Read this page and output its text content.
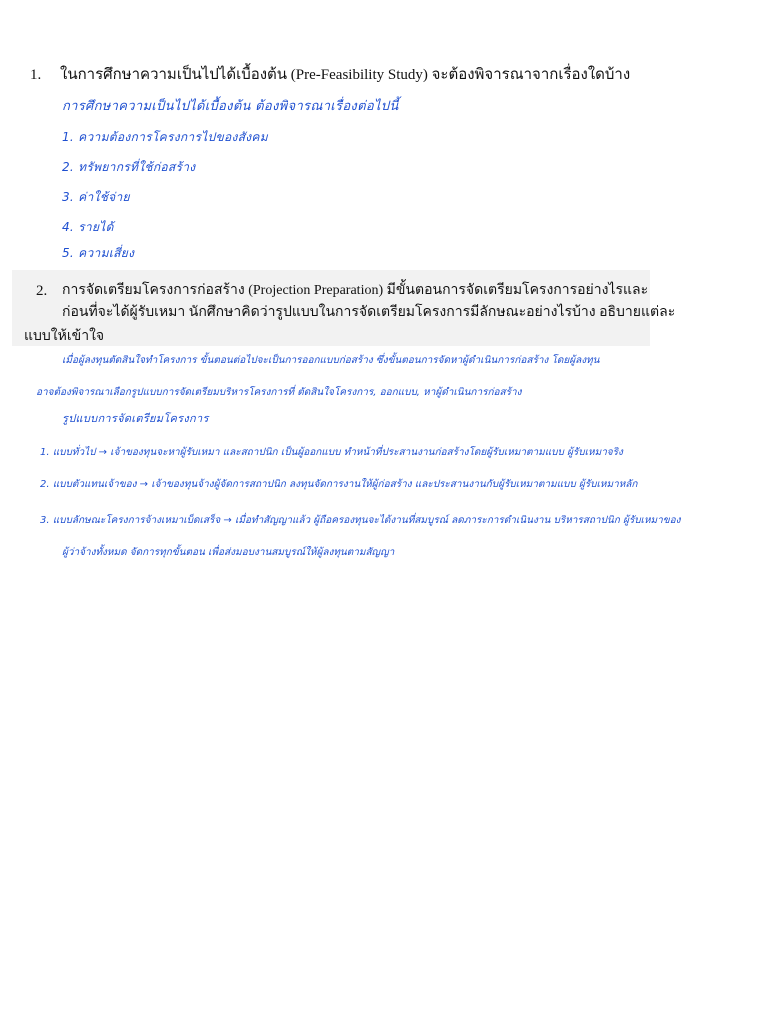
1. ในการศึกษาความเป็นไปได้เบื้องต้น (Pre-Feasibility Study) จะต้องพิจารณาจากเรื่องใดบ้าง
การศึกษาความเป็นไปได้เบื้องต้น ต้องพิจารณาเรื่องต่อไปนี้
1. ความต้องการโครงการไปของสังคม
2. ทรัพยากรที่ใช้ก่อสร้าง
3. ค่าใช้จ่าย
4. รายได้
5. ความเสี่ยง
2. การจัดเตรียมโครงการก่อสร้าง (Projection Preparation) มีขั้นตอนการจัดเตรียมโครงการอย่างไรและ
ก่อนที่จะได้ผู้รับเหมา นักศึกษาคิดว่ารูปแบบในการจัดเตรียมโครงการมีลักษณะอย่างไรบ้าง อธิบายแต่ละ
แบบให้เข้าใจ
เมื่อผู้ลงทุนตัดสินใจทำโครงการ ขั้นตอนต่อไปจะเป็นการออกแบบก่อสร้าง ซึ่งขั้นตอนการจัดหาผู้ดำเนินการก่อสร้าง โดยผู้ลงทุน
อาจต้องพิจารณาเลือกรูปแบบการจัดเตรียมบริหารโครงการที่ ตัดสินใจโครงการ, ออกแบบ, หาผู้ดำเนินการก่อสร้าง
รูปแบบการจัดเตรียมโครงการ
1. แบบทั่วไป → เจ้าของทุนจะหาผู้รับเหมา และสถาปนิก เป็นผู้ออกแบบ ทำหน้าที่ประสานงานก่อสร้างโดยผู้รับเหมาตามแบบ ผู้รับเหมาจริง
2. แบบตัวแทนเจ้าของ → เจ้าของทุนจ้างผู้จัดการสถาปนิก ลงทุนจัดการงานให้ผู้ก่อสร้าง และประสานงานกับผู้รับเหมาตามแบบ ผู้รับเหมาหลัก
3. แบบลักษณะโครงการจ้างเหมาเบ็ดเสร็จ → เมื่อทำสัญญาแล้ว ผู้ถือครองทุนจะได้งานที่สมบูรณ์ ลดภาระการดำเนินงาน บริหารสถาปนิก ผู้รับเหมาของ
ผู้ว่าจ้างทั้งหมด จัดการทุกขั้นตอน เพื่อส่งมอบงานสมบูรณ์ให้ผู้ลงทุนตามสัญญา
